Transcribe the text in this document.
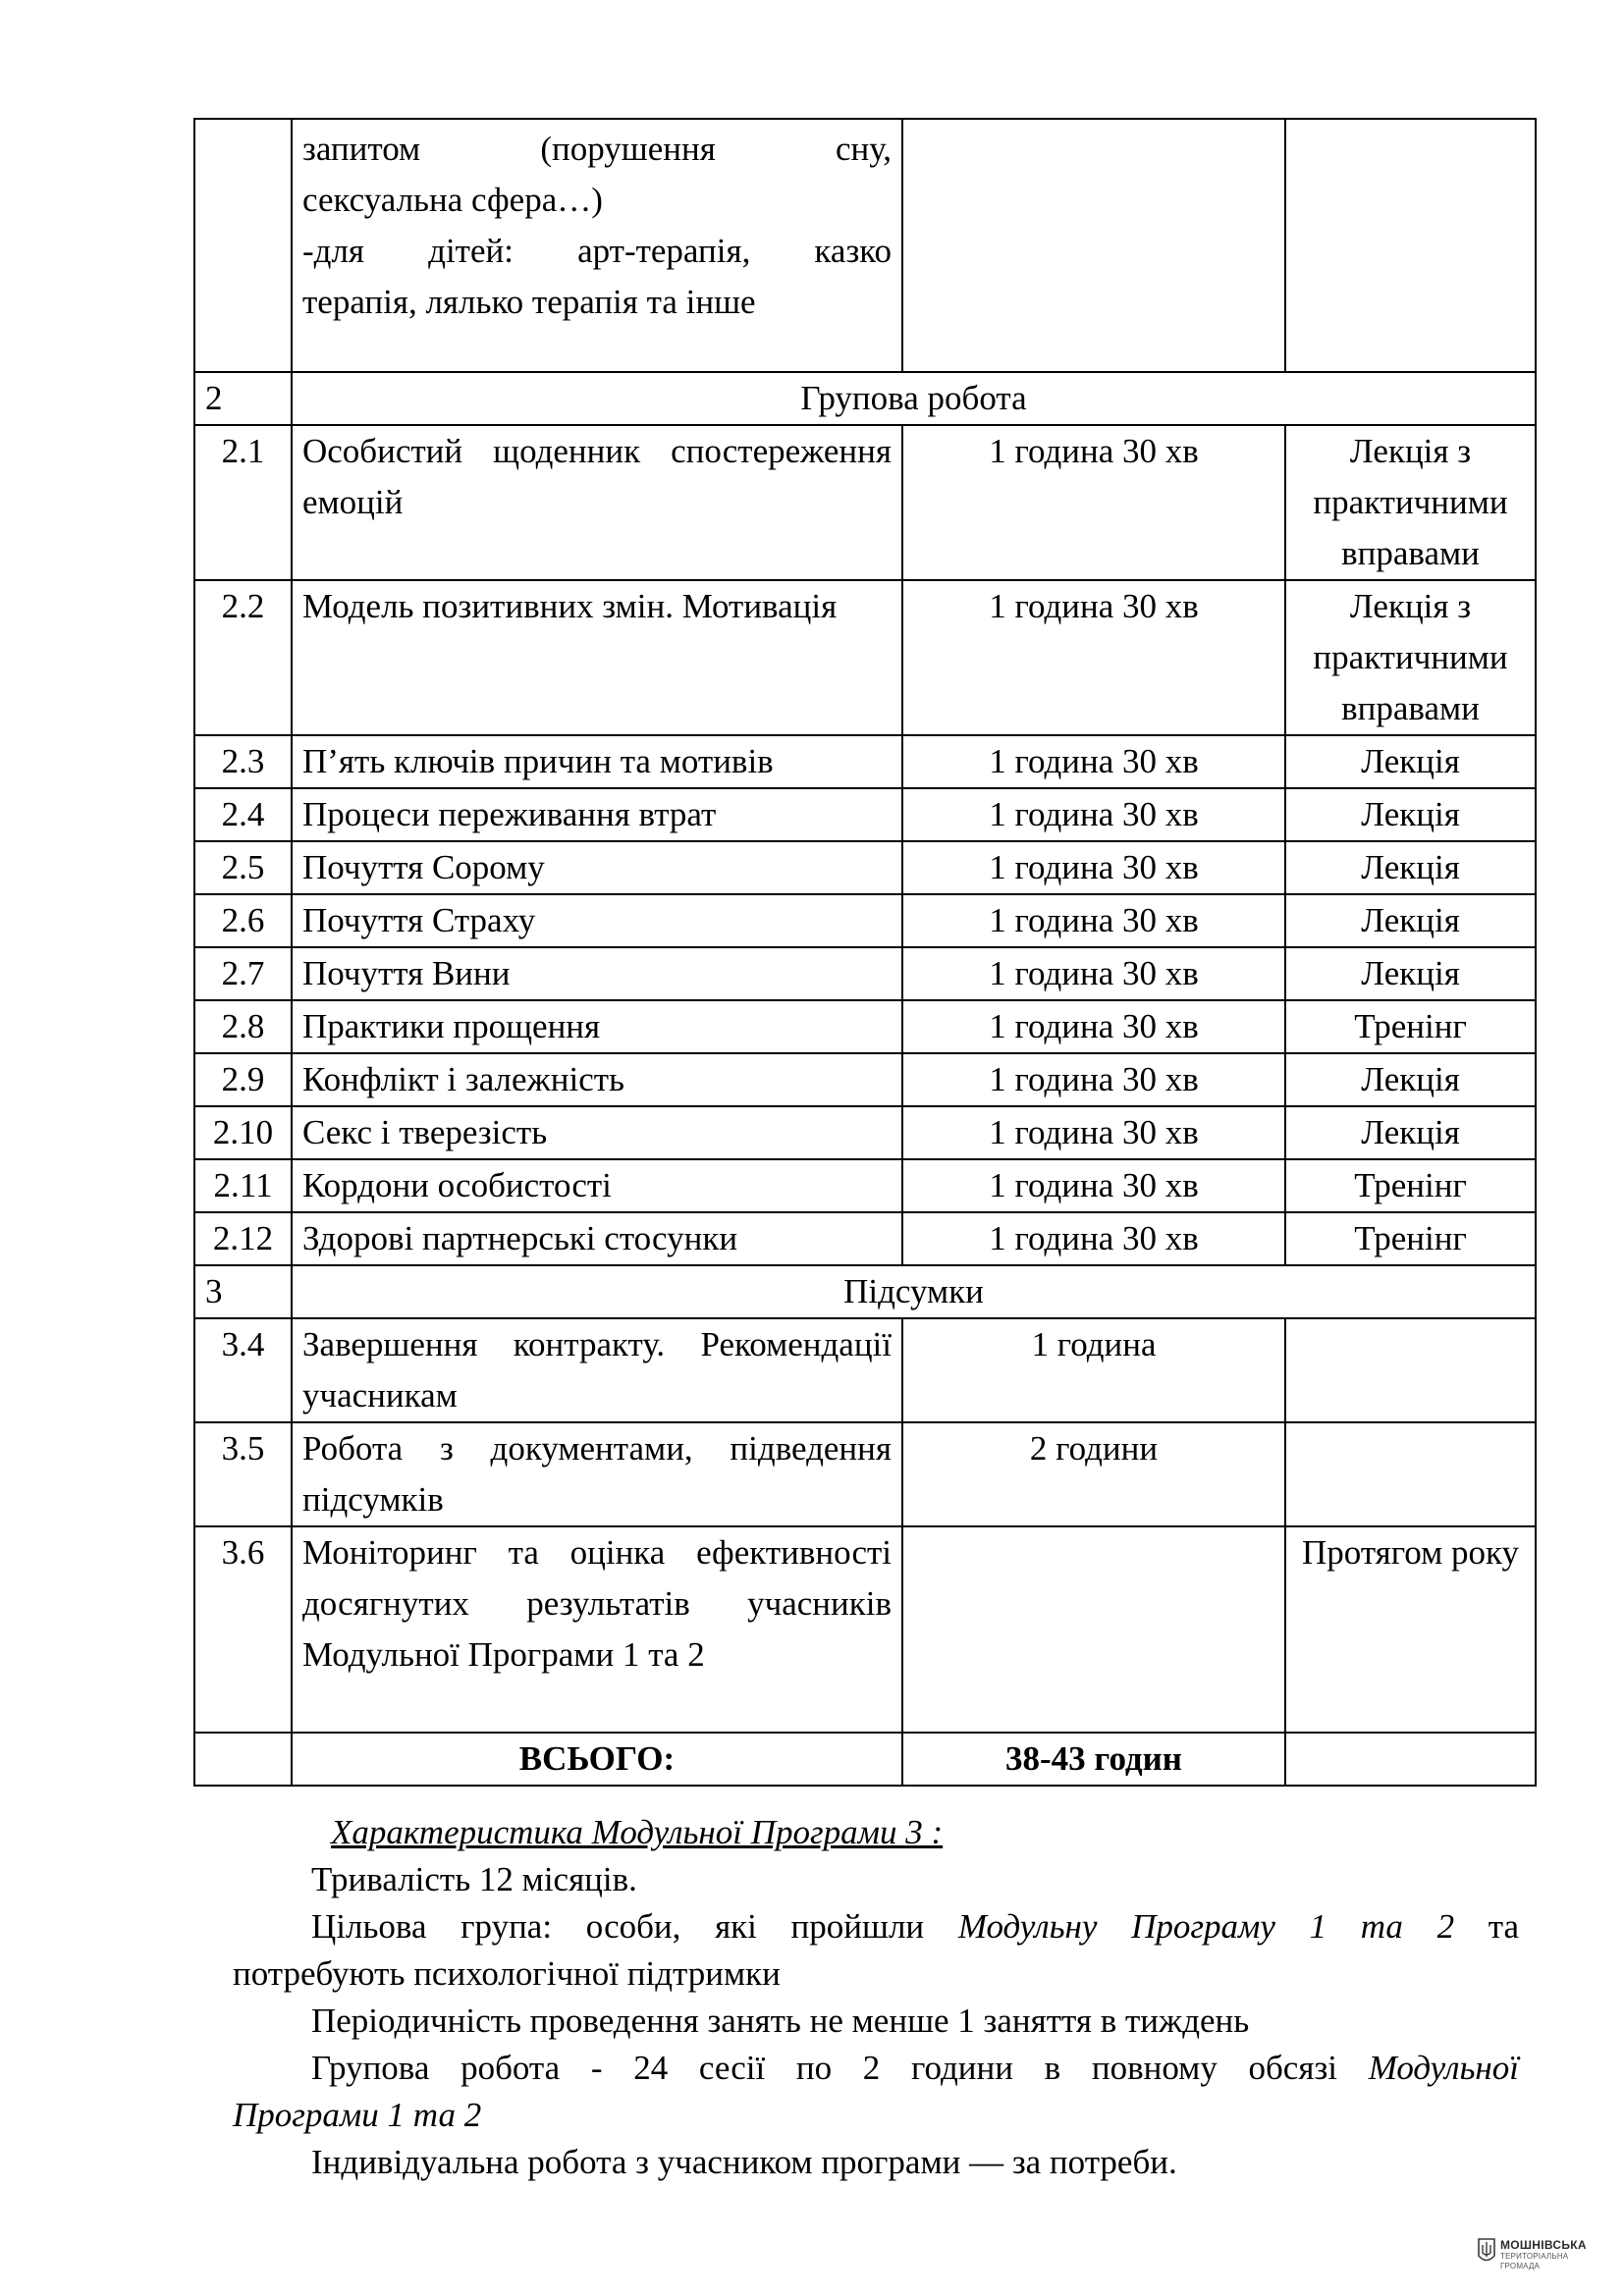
	запитом (порушення сну,
сексуальна сфера…)
-для дітей: арт-терапія, казко
терапія, лялько терапія та інше		

2	Групова робота		
2.1	Особистий щоденник спостереження емоцій	1 година 30 хв	Лекція з практичними вправами
2.2	Модель позитивних змін. Мотивація	1 година 30 хв	Лекція з практичними вправами
2.3	П’ять ключів причин та мотивів	1 година 30 хв	Лекція
2.4	Процеси переживання втрат	1 година 30 хв	Лекція
2.5	Почуття Сорому	1 година 30 хв	Лекція
2.6	Почуття Страху	1 година 30 хв	Лекція
2.7	Почуття Вини	1 година 30 хв	Лекція
2.8	Практики прощення	1 година 30 хв	Тренінг
2.9	Конфлікт і залежність	1 година 30 хв	Лекція
2.10	Секс і тверезість	1 година 30 хв	Лекція
2.11	Кордони особистості	1 година 30 хв	Тренінг
2.12	Здорові партнерські стосунки	1 година 30 хв	Тренінг
3	Підсумки		
3.4	Завершення контракту. Рекомендації учасникам	1 година	
3.5	Робота з документами, підведення підсумків	2 години	
3.6	Моніторинг та оцінка ефективності досягнутих результатів учасників Модульної Програми 1 та 2		Протягом року
	ВСЬОГО:	38-43 годин	
Характеристика Модульної Програми 3 :
Тривалість 12 місяців.
Цільова група: особи, які пройшли Модульну Програму 1 та 2 та
потребують психологічної підтримки
Періодичність проведення занять не менше 1 заняття в тиждень
Групова робота - 24 сесії по 2 години в повному обсязі Модульної
Програми 1 та 2
Індивідуальна робота з учасником програми — за потреби.
МОШНІВСЬКА
ТЕРИТОРІАЛЬНА
ГРОМАДА
